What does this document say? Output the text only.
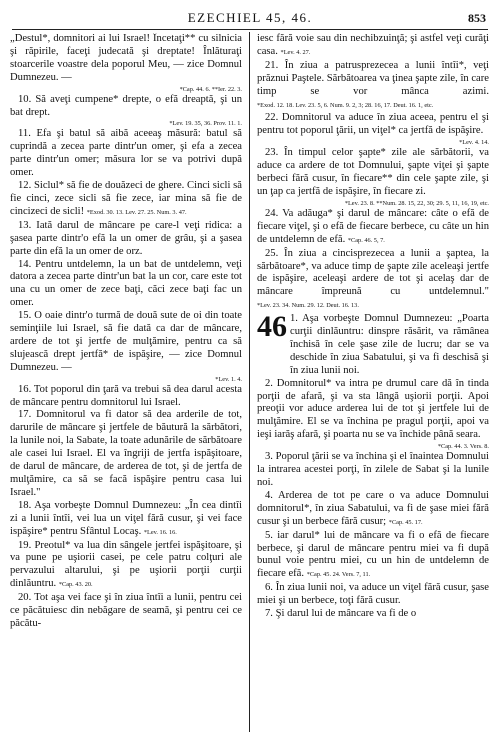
EZECHIEL 45, 46.	853

„Destul*, domnitori ai lui Israel! Încetaţi** cu silnicia şi răpirile, faceţi judecată şi dreptate! Înlăturaţi stoarcerile voastre dela poporul Meu, — zice Domnul Dumnezeu. —

*Cap. 44. 6. **Ier. 22. 3.

10. Să aveţi cumpene* drepte, o efă dreaptă, şi un bat drept.

*Lev. 19. 35, 36. Prov. 11. 1.

11. Efa şi batul să aibă aceeaş măsură: batul să cuprindă a zecea parte dintr'un omer, şi efa a zecea parte dintr'un omer; măsura lor se va potrivi după omer.

12. Siclul* să fie de douăzeci de ghere. Cinci sicli să fie cinci, zece sicli să fie zece, iar mina să fie de cincizeci de sicli! *Exod. 30. 13. Lev. 27. 25. Num. 3. 47.

13. Iată darul de mâncare pe care-l veţi ridica: a şasea parte dintr'o efă la un omer de grâu, şi a şasea parte din efă la un omer de orz.

14. Pentru untdelemn, la un bat de untdelemn, veţi datora a zecea parte dintr'un bat la un cor, care este tot una cu un omer de zece baţi, căci zece baţi fac un omer.

15. O oaie dintr'o turmă de două sute de oi din toate seminţiile lui Israel, să fie dată ca dar de mâncare, ardere de tot şi jertfe de mulţămire, pentru ca să slujească drept jertfă* de ispăşire, — zice Domnul Dumnezeu. —

*Lev. 1. 4.

16. Tot poporul din ţară va trebui să dea darul acesta de mâncare pentru domnitorul lui Israel.

17. Domnitorul va fi dator să dea arderile de tot, darurile de mâncare şi jertfele de băutură la sărbători, la lunile noi, la Sabate, la toate adunările de sărbătoare ale casei lui Israel. El va îngriji de jertfa ispăşitoare, de darul de mâncare, de arderea de tot, şi de jertfa de mulţămire, ca să se facă ispăşire pentru casa lui Israel."

18. Aşa vorbeşte Domnul Dumnezeu: „În cea dintîi zi a lunii întîi, vei lua un viţel fără cusur, şi vei face ispăşire* pentru Sfântul Locaş. *Lev. 16. 16.

19. Preotul* va lua din sângele jertfei ispăşitoare, şi va pune pe uşiorii casei, pe cele patru colţuri ale pervazului altarului, şi pe uşiorii porţii curţii dinlăuntru. *Cap. 43. 20.

20. Tot aşa vei face şi în ziua întîi a lunii, pentru cei ce păcătuiesc din nebăgare de seamă, şi pentru cei ce păcătu-

iesc fără voie sau din nechibzuinţă; şi astfel veţi curăţi casa. *Lev. 4. 27.

21. În ziua a patrusprezecea a lunii întîi*, veţi prăznui Paştele. Sărbătoarea va ţinea şapte zile, în care timp se vor mânca azimi. *Exod. 12. 18. Lev. 23. 5, 6. Num. 9. 2, 3; 28. 16, 17. Deut. 16. 1, etc.

22. Domnitorul va aduce în ziua aceea, pentru el şi pentru tot poporul ţării, un viţel* ca jertfă de ispăşire.

*Lev. 4. 14.

23. În timpul celor şapte* zile ale sărbătorii, va aduce ca ardere de tot Domnului, şapte viţei şi şapte berbeci fără cusur, în fiecare** din cele şapte zile, şi un ţap ca jertfă de ispăşire, în fiecare zi.

*Lev. 23. 8. **Num. 28. 15, 22, 30; 29. 5, 11, 16, 19, etc.

24. Va adăuga* şi darul de mâncare: câte o efă de fiecare viţel, şi o efă de fiecare berbece, cu câte un hin de untdelemn de efă. *Cap. 46. 5, 7.

25. În ziua a cincisprezecea a lunii a şaptea, la sărbătoare*, va aduce timp de şapte zile aceleaşi jertfe de ispăşire, aceleaşi ardere de tot şi acelaş dar de mâncare împreună cu untdelemnul." *Lev. 23. 34. Num. 29. 12. Deut. 16. 13.

46 1. Aşa vorbeşte Domnul Dumnezeu: „Poarta curţii dinlăuntru: dinspre răsărit, va rămânea închisă în cele şase zile de lucru; dar se va deschide în ziua Sabatului, şi va fi deschisă şi în ziua lunii noi.

2. Domnitorul* va intra pe drumul care dă în tinda porţii de afară, şi va sta lângă uşiorii porţii. Apoi preoţii vor aduce arderea lui de tot şi jertfele lui de mulţămire. El se va închina pe pragul porţii, apoi va ieşi iarăş afară, şi poarta nu se va închide până seara.

*Cap. 44. 3. Vers. 8.

3. Poporul ţării se va închina şi el înaintea Domnului la intrarea acestei porţi, în zilele de Sabat şi la lunile noi.

4. Arderea de tot pe care o va aduce Domnului domnitorul*, în ziua Sabatului, va fi de şase miei fără cusur şi un berbece fără cusur; *Cap. 45. 17.

5. iar darul* lui de mâncare va fi o efă de fiecare berbece, şi darul de mâncare pentru miei va fi după bunul voie pentru miei, cu un hin de untdelemn de fiecare efă. *Cap. 45. 24. Vers. 7, 11.

6. În ziua lunii noi, va aduce un viţel fără cusur, şase miei şi un berbece, toţi fără cusur.

7. Şi darul lui de mâncare va fi de o
